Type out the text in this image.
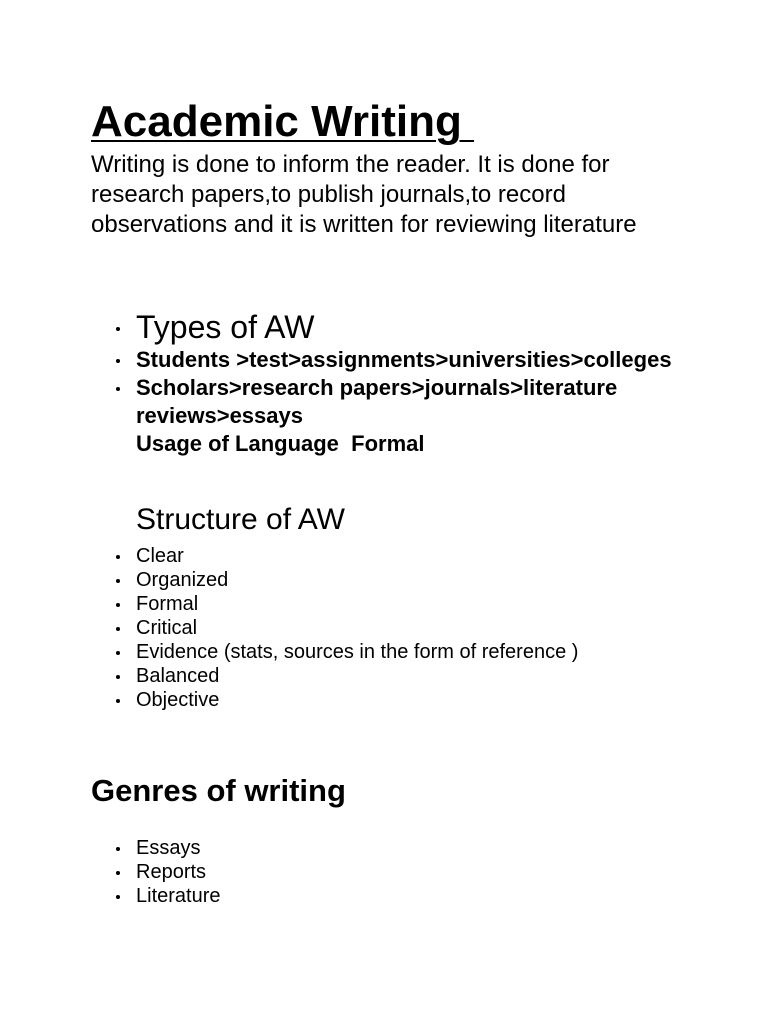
Academic Writing

Writing is done to inform the reader. It is done for research papers,to publish journals,to record observations and it is written for reviewing literature

Types of AW
Students >test>assignments>universities>colleges
Scholars>research papers>journals>literature reviews>essays
Usage of Language  Formal
Structure of AW
Clear
Organized
Formal
Critical
Evidence (stats, sources in the form of reference )
Balanced
Objective
Genres of writing
Essays
Reports
Literature
